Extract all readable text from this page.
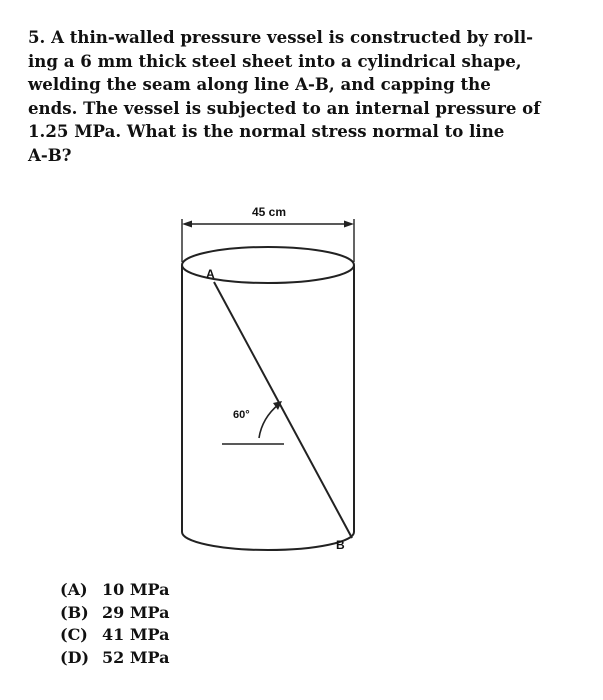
5. A thin-walled pressure vessel is constructed by roll-
ing a 6 mm thick steel sheet into a cylindrical shape,
welding the seam along line A-B, and capping the
ends. The vessel is subjected to an internal pressure of
1.25 MPa. What is the normal stress normal to line
A-B?
45 cm
A
B
60°
(A) 10 MPa
(B) 29 MPa
(C) 41 MPa
(D) 52 MPa
